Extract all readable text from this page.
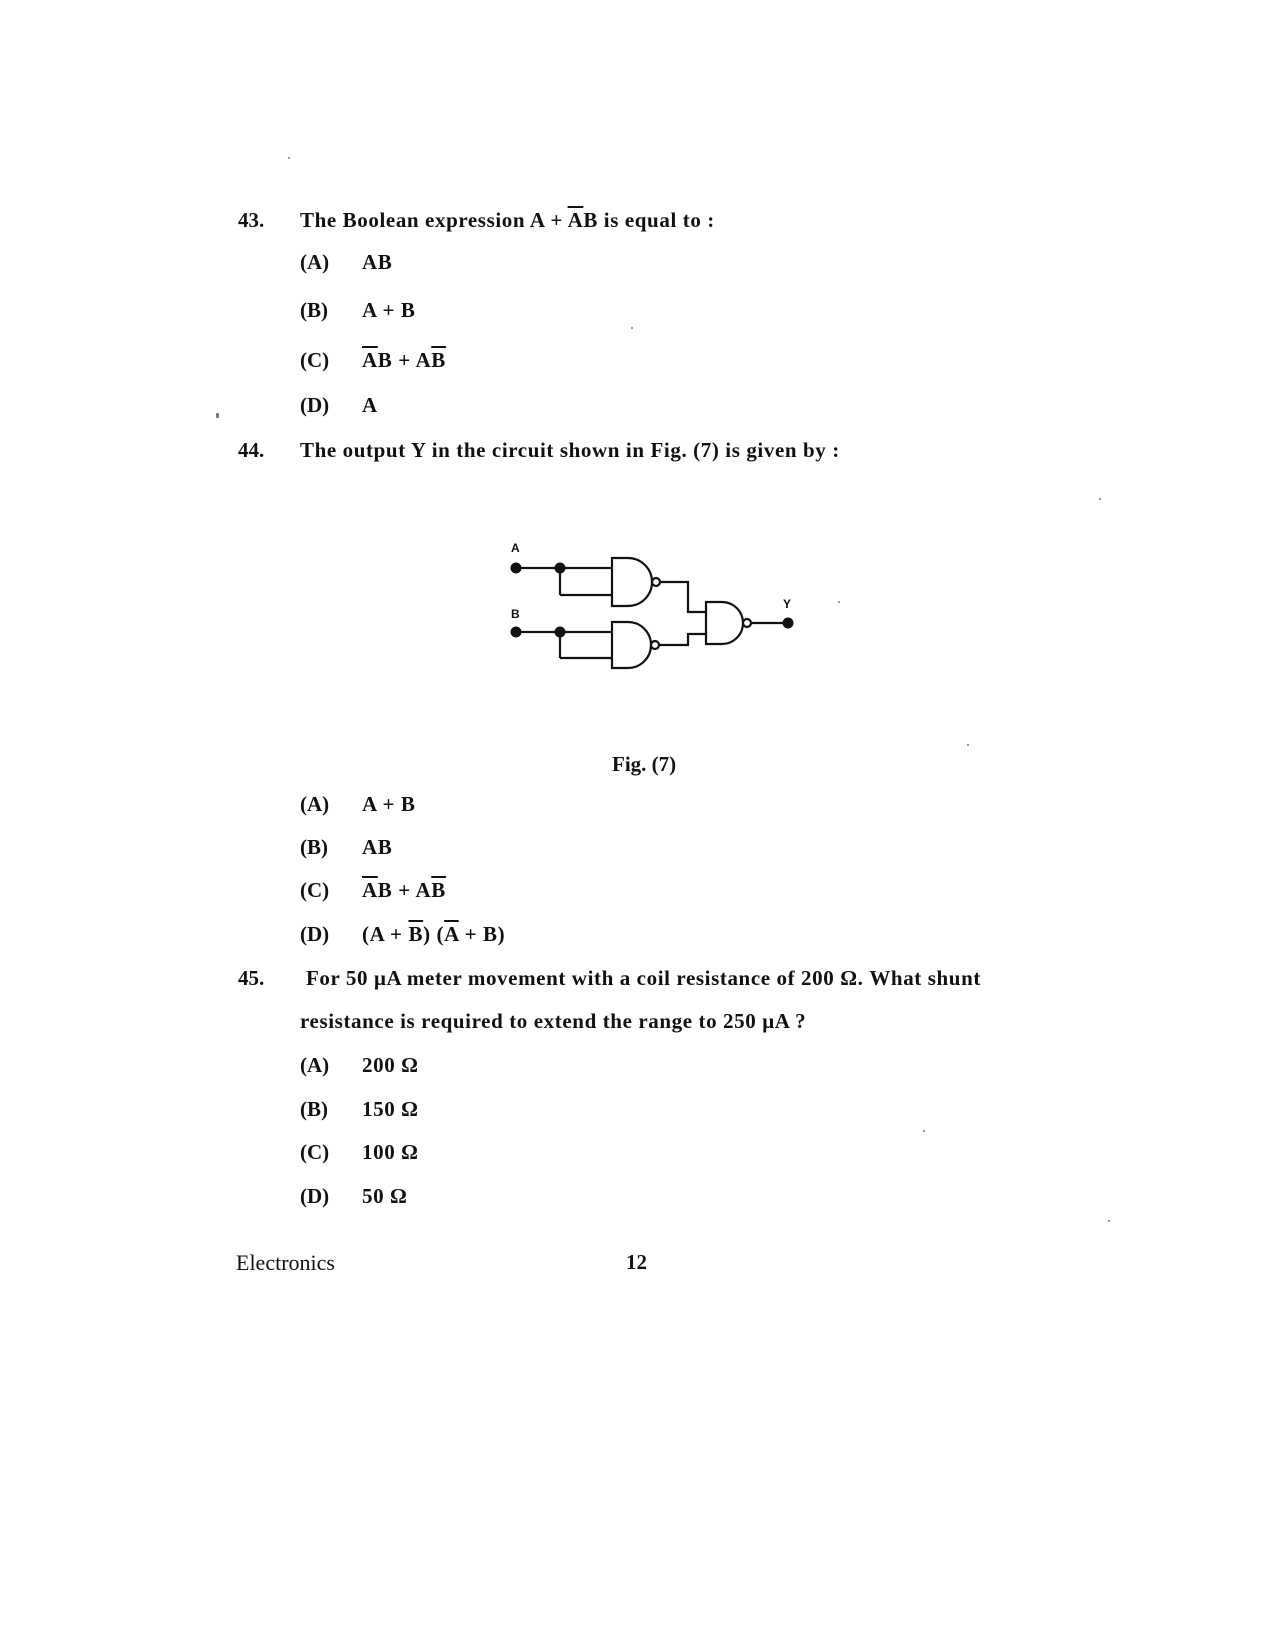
43. The Boolean expression $A + \overline{A}B$ is equal to :
(A) AB
(B) A + B
(C) $\overline{A}B + A\overline{B}$
(D) A
44. The output Y in the circuit shown in Fig. (7) is given by :
A
B
Y
Fig. (7)
(A) A + B
(B) AB
(C) $\overline{A}B + A\overline{B}$
(D) $(A + \overline{B})$ $(\overline{A} + B)$
45. For 50 μA meter movement with a coil resistance of 200 Ω. What shunt
resistance is required to extend the range to 250 μA ?
(A) 200 Ω
(B) 150 Ω
(C) 100 Ω
(D) 50 Ω
Electronics	12
